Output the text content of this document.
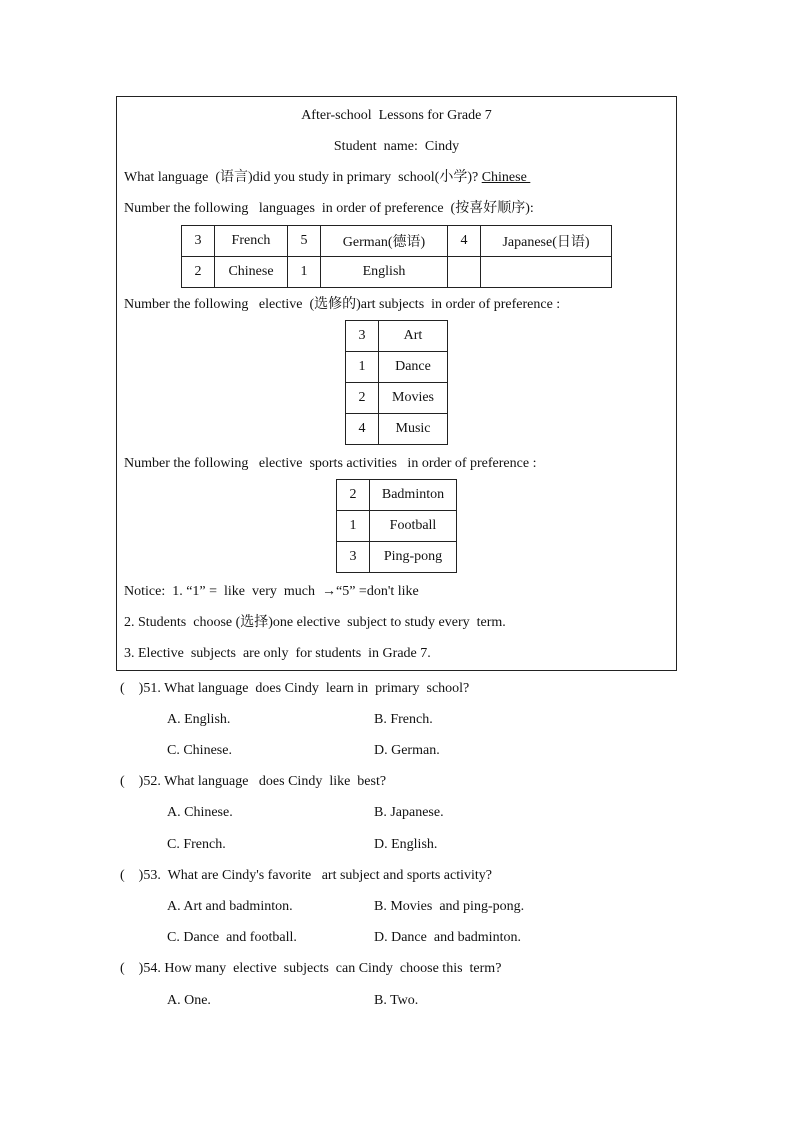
After-school  Lessons for Grade 7
Student  name:  Cindy
What language  (语言)did you study in primary  school(小学)? Chinese
Number the following   languages  in order of preference  (按喜好顺序):
3	French	5	German(德语)	4	Japanese(日语)
2	Chinese	1	English		
Number the following   elective  (选修的)art subjects  in order of preference :
3	Art
1	Dance
2	Movies
4	Music
Number the following   elective  sports activities   in order of preference :
2	Badminton
1	Football
3	Ping-pong
Notice:  1. “1” =  like  very  much  →“5” =don't like
2. Students  choose (选择)one elective  subject to study every  term.
3. Elective  subjects  are only  for students  in Grade 7.
(    )51. What language  does Cindy  learn in  primary  school?
A. English.	B. French.
C. Chinese.	D. German.
(    )52. What language   does Cindy  like  best?
A. Chinese.	B. Japanese.
C. French.	D. English.
(    )53.  What are Cindy's favorite   art subject and sports activity?
A. Art and badminton.	B. Movies  and ping-pong.
C. Dance  and football.	D. Dance  and badminton.
(    )54. How many  elective  subjects  can Cindy  choose this  term?
A. One.	B. Two.
